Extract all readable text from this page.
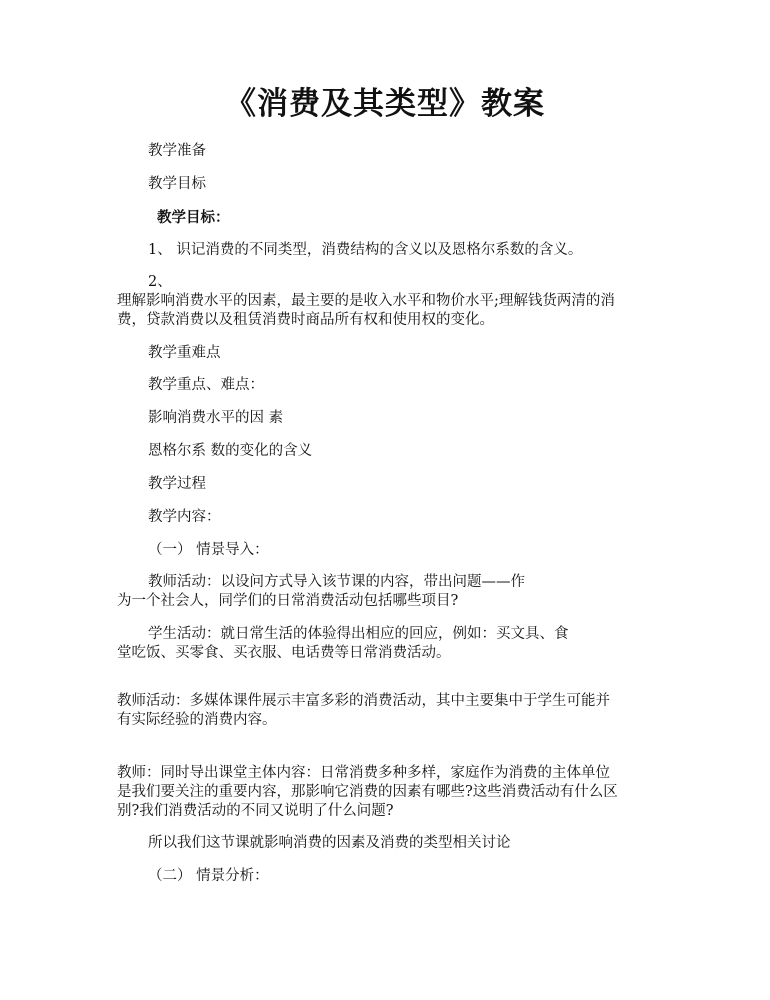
《消费及其类型》教案
教学准备
教学目标
教学目标：
1、 识记消费的不同类型，消费结构的含义以及恩格尔系数的含义。
2、
理解影响消费水平的因素，最主要的是收入水平和物价水平;理解钱货两清的消
费，贷款消费以及租赁消费时商品所有权和使用权的变化。
教学重难点
教学重点、难点：
影响消费水平的因 素
恩格尔系 数的变化的含义
教学过程
教学内容：
（一） 情景导入：
教师活动：以设问方式导入该节课的内容，带出问题——作
为一个社会人，同学们的日常消费活动包括哪些项目?
学生活动：就日常生活的体验得出相应的回应，例如：买文具、食
堂吃饭、买零食、买衣服、电话费等日常消费活动。
教师活动：多媒体课件展示丰富多彩的消费活动，其中主要集中于学生可能并
有实际经验的消费内容。
教师：同时导出课堂主体内容：日常消费多种多样，家庭作为消费的主体单位
是我们要关注的重要内容，那影响它消费的因素有哪些?这些消费活动有什么区
别?我们消费活动的不同又说明了什么问题?
所以我们这节课就影响消费的因素及消费的类型相关讨论
（二） 情景分析：
